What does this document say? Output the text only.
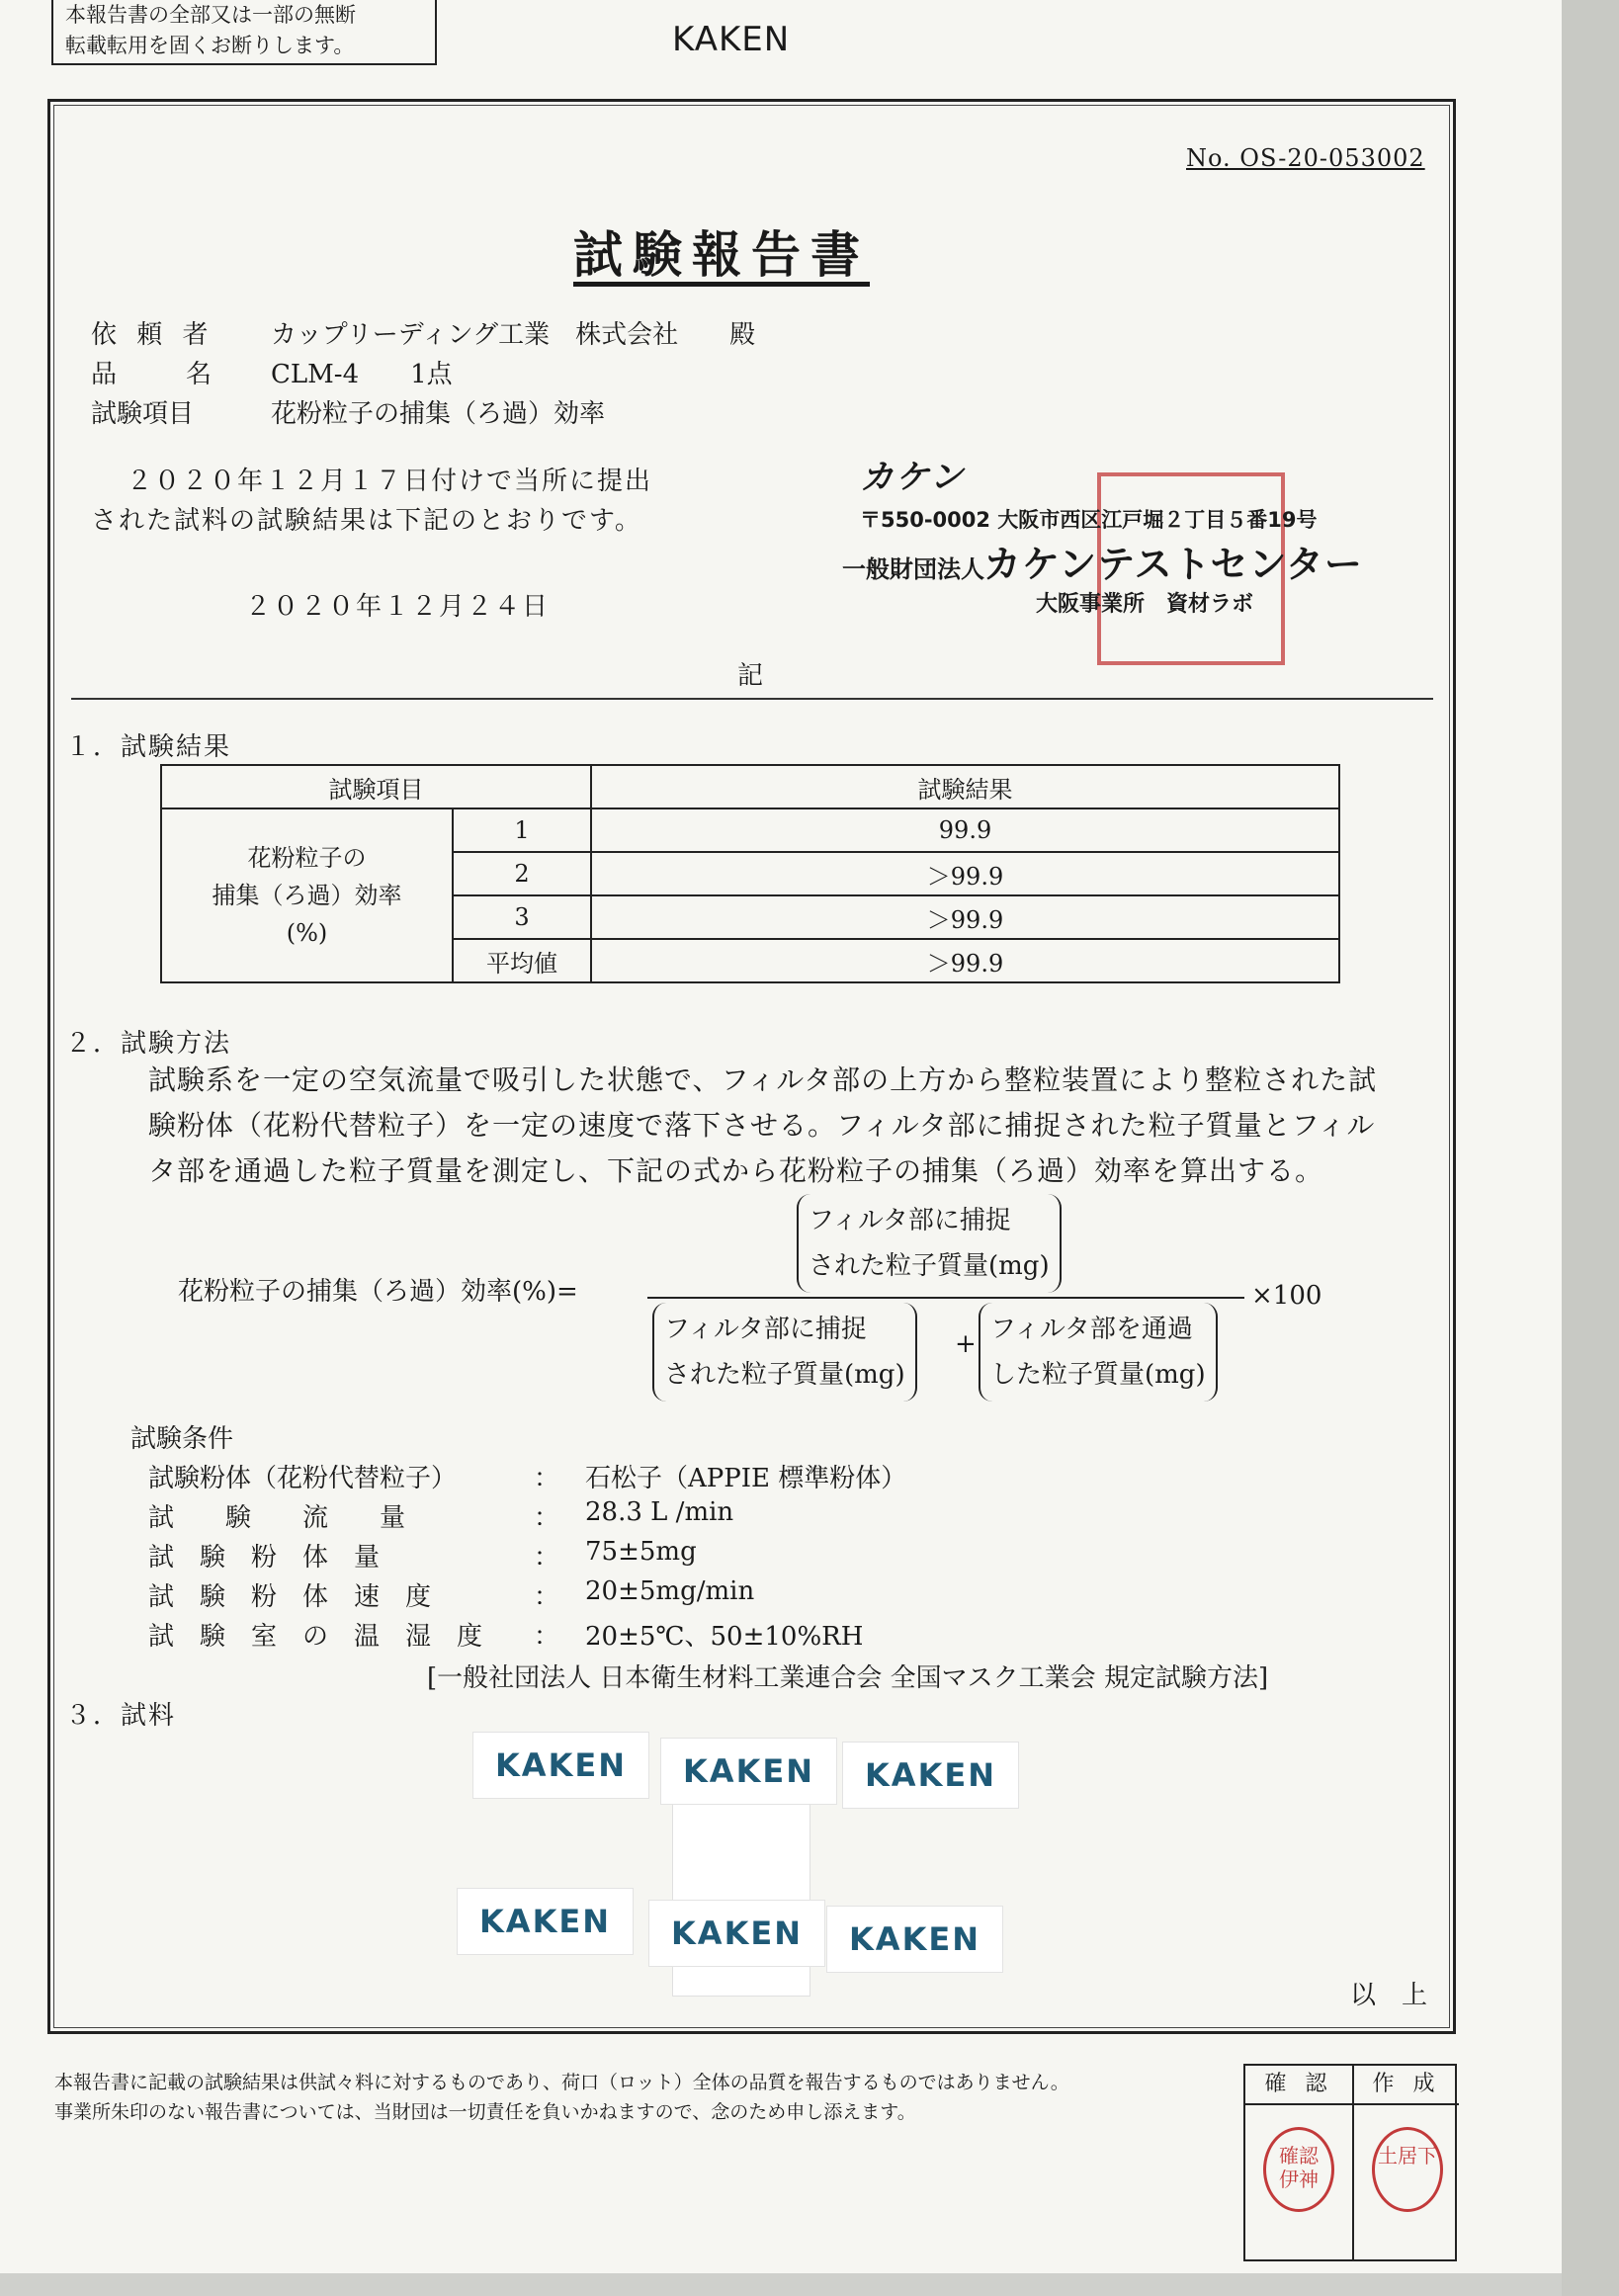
本報告書の全部又は一部の無断
転載転用を固くお断りします。	KAKEN
No. OS-20-053002
試験報告書
依 頼 者 カップリーディング工業　株式会社　　殿
品　　名 CLM-4　　1点
試験項目	花粉粒子の捕集（ろ過）効率
２０２０年１２月１７日付けで当所に提出
された試料の試験結果は下記のとおりです。
２０２０年１２月２４日
カケン
〒550-0002 大阪市西区江戸堀２丁目５番19号
一般財団法人 カケンテストセンター
大阪事業所　資材ラボ
記
１．試験結果
試験項目		試験結果

花粉粒子の
捕集（ろ過）効率
(%)	1	99.9
	2	＞99.9
	3	＞99.9
	平均値	＞99.9
２．試験方法
試験系を一定の空気流量で吸引した状態で、フィルタ部の上方から整粒装置により整粒された試
験粉体（花粉代替粒子）を一定の速度で落下させる。フィルタ部に捕捉された粒子質量とフィル
タ部を通過した粒子質量を測定し、下記の式から花粉粒子の捕集（ろ過）効率を算出する。
花粉粒子の捕集（ろ過）効率(%)=
フィルタ部に捕捉
された粒子質量(mg)
フィルタ部に捕捉
された粒子質量(mg)
+ フィルタ部を通過
した粒子質量(mg)
×100
試験条件
試験粉体（花粉代替粒子）	： 石松子（APPIE 標準粉体）
試　　験　　流　　量	： 28.3 L /min
試　験　粉　体　量	： 75±5mg
試　験　粉　体　速　度	： 20±5mg/min
試　験　室　の　温　湿　度 ： 20±5℃、50±10%RH
[一般社団法人 日本衛生材料工業連合会 全国マスク工業会 規定試験方法]
３．試料
KAKEN	KAKEN	KAKEN
KAKEN	KAKEN	KAKEN
以　上
本報告書に記載の試験結果は供試々料に対するものであり、荷口（ロット）全体の品質を報告するものではありません。
事業所朱印のない報告書については、当財団は一切責任を負いかねますので、念のため申し添えます。
確 認
確認 伊神
作 成
土居下
